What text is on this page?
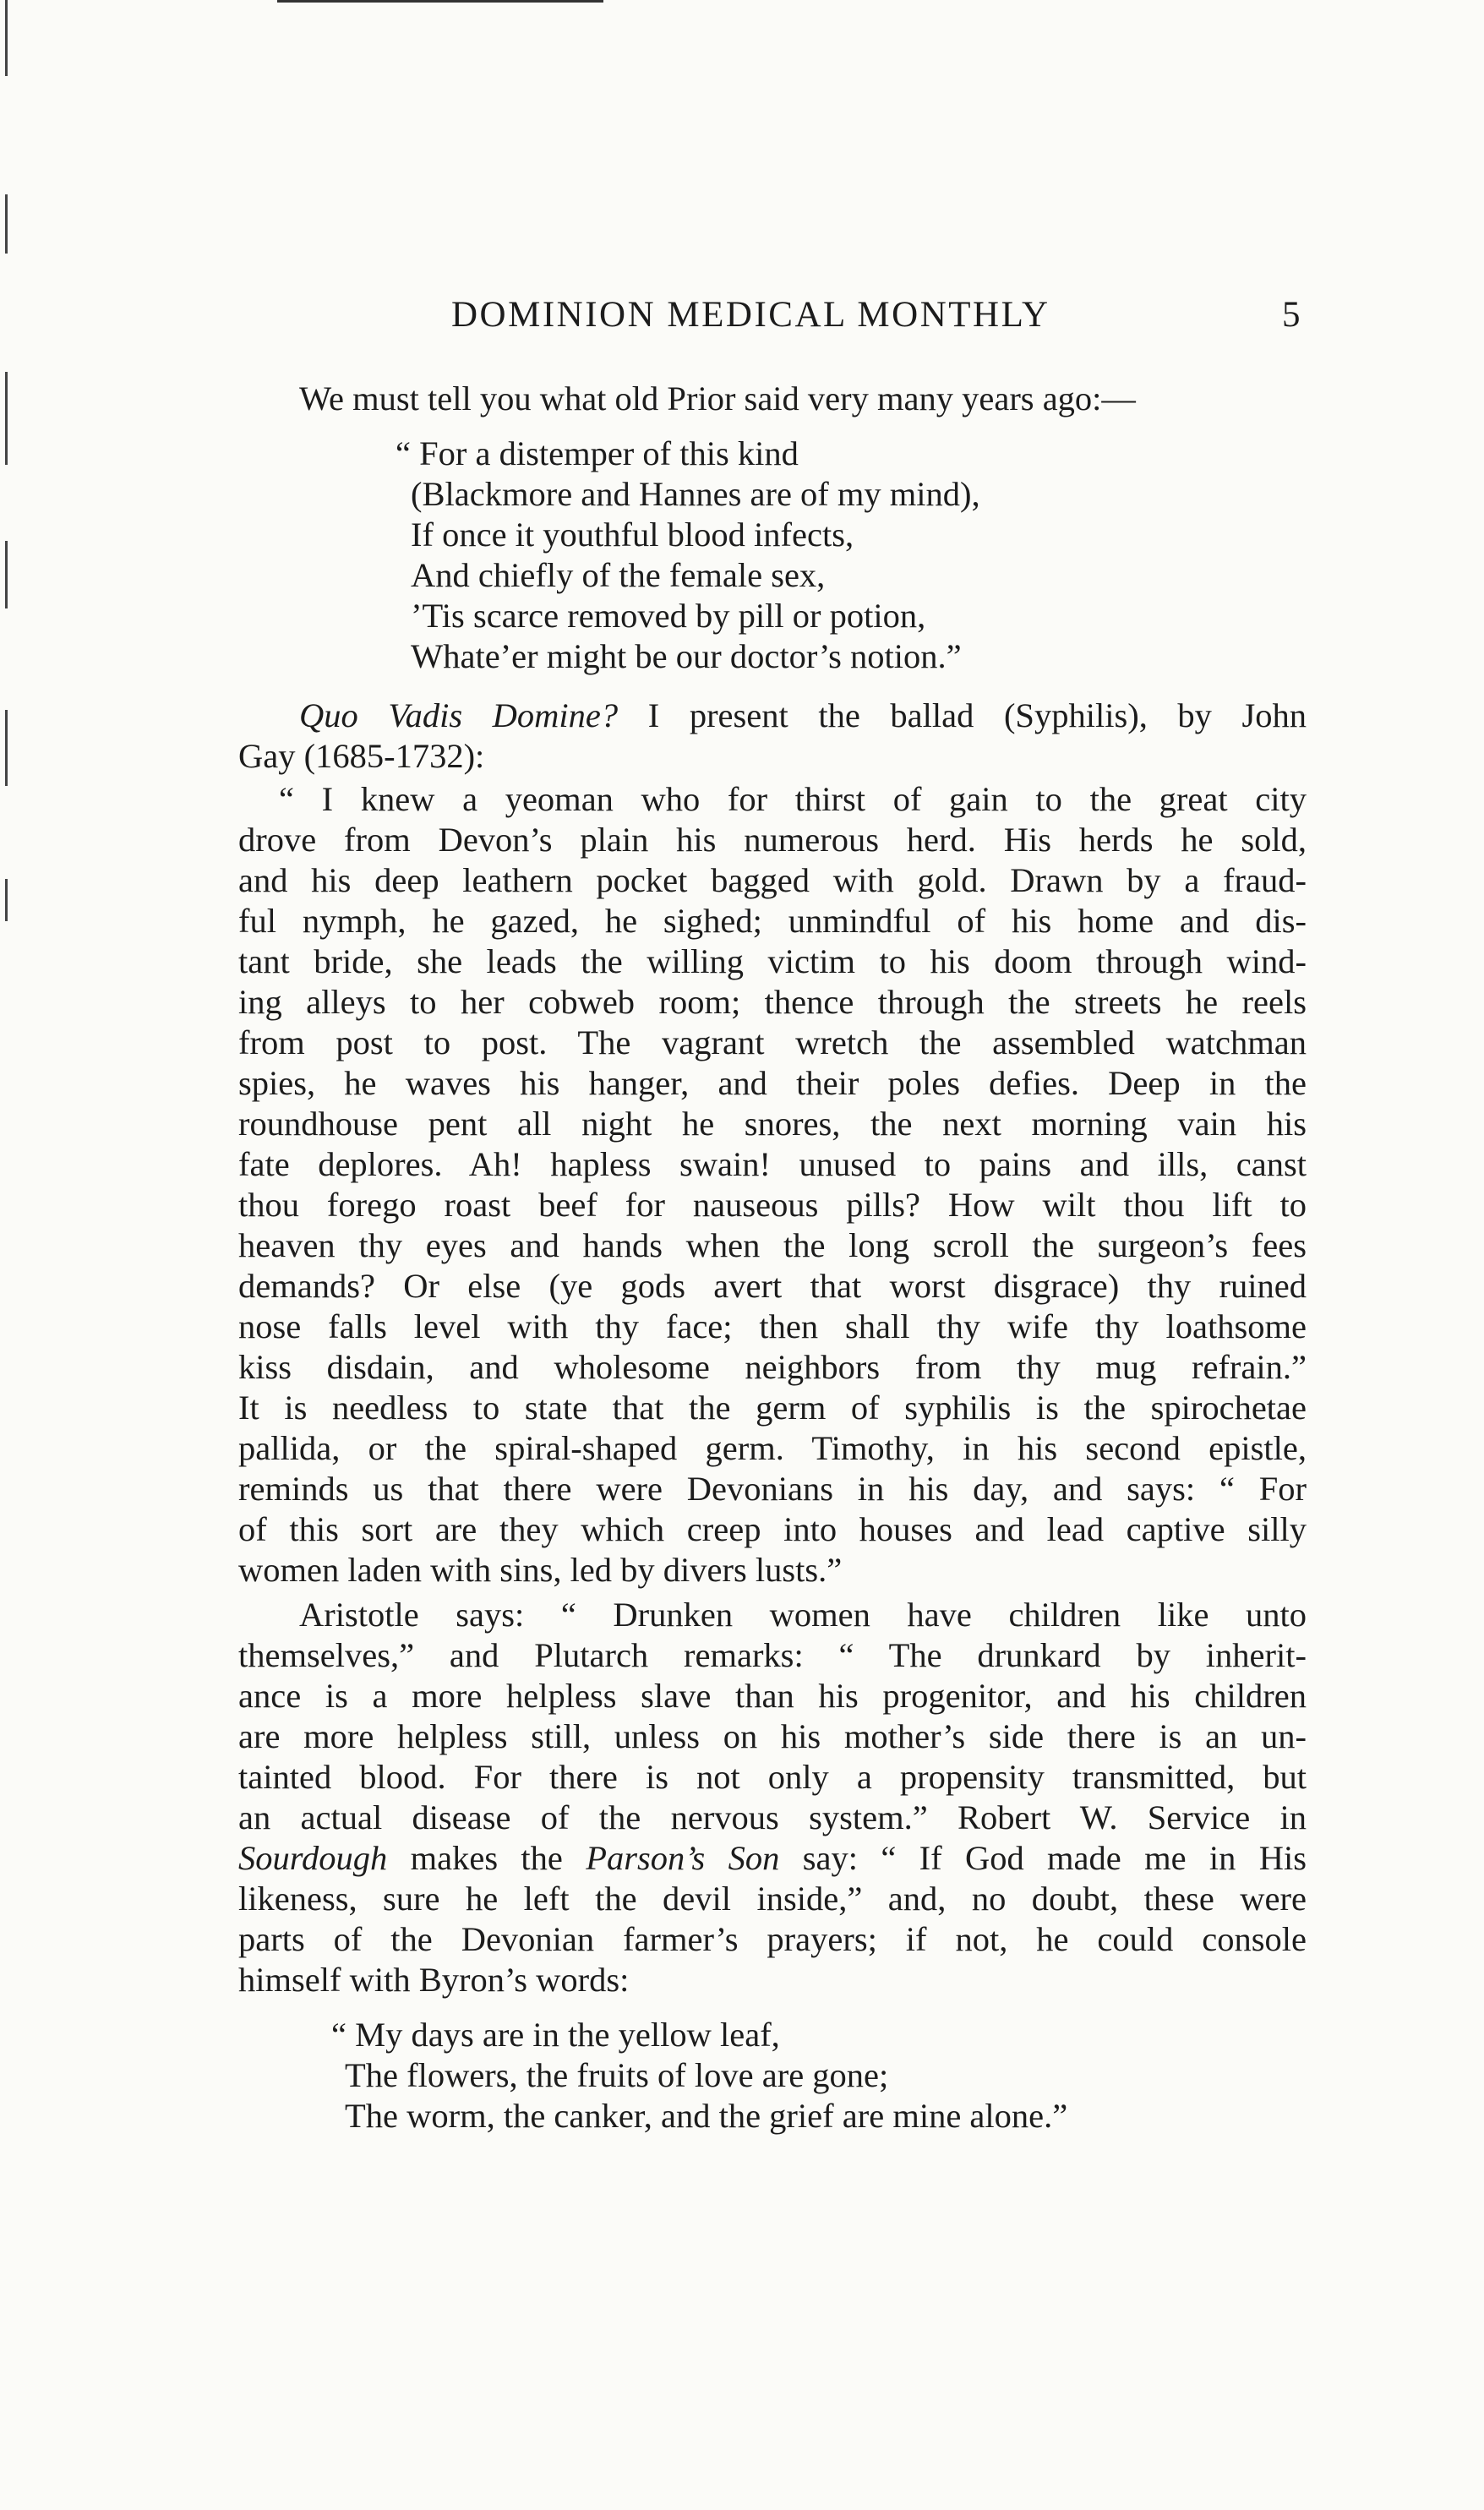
DOMINION MEDICAL MONTHLY	5
We must tell you what old Prior said very many years ago:—
“ For a distemper of this kind
(Blackmore and Hannes are of my mind),
If once it youthful blood infects,
And chiefly of the female sex,
’Tis scarce removed by pill or potion,
Whate’er might be our doctor’s notion.”
Quo Vadis Domine? I present the ballad (Syphilis), by John
Gay (1685-1732):
“ I knew a yeoman who for thirst of gain to the great city
drove from Devon’s plain his numerous herd. His herds he sold,
and his deep leathern pocket bagged with gold. Drawn by a fraud-
ful nymph, he gazed, he sighed; unmindful of his home and dis-
tant bride, she leads the willing victim to his doom through wind-
ing alleys to her cobweb room; thence through the streets he reels
from post to post. The vagrant wretch the assembled watchman
spies, he waves his hanger, and their poles defies. Deep in the
roundhouse pent all night he snores, the next morning vain his
fate deplores. Ah! hapless swain! unused to pains and ills, canst
thou forego roast beef for nauseous pills? How wilt thou lift to
heaven thy eyes and hands when the long scroll the surgeon’s fees
demands? Or else (ye gods avert that worst disgrace) thy ruined
nose falls level with thy face; then shall thy wife thy loathsome
kiss disdain, and wholesome neighbors from thy mug refrain.”
It is needless to state that the germ of syphilis is the spirochetae
pallida, or the spiral-shaped germ. Timothy, in his second epistle,
reminds us that there were Devonians in his day, and says: “ For
of this sort are they which creep into houses and lead captive silly
women laden with sins, led by divers lusts.”
Aristotle says: “ Drunken women have children like unto
themselves,” and Plutarch remarks: “ The drunkard by inherit-
ance is a more helpless slave than his progenitor, and his children
are more helpless still, unless on his mother’s side there is an un-
tainted blood. For there is not only a propensity transmitted, but
an actual disease of the nervous system.” Robert W. Service in
Sourdough makes the Parson’s Son say: “ If God made me in His
likeness, sure he left the devil inside,” and, no doubt, these were
parts of the Devonian farmer’s prayers; if not, he could console
himself with Byron’s words:
“ My days are in the yellow leaf,
The flowers, the fruits of love are gone;
The worm, the canker, and the grief are mine alone.”
